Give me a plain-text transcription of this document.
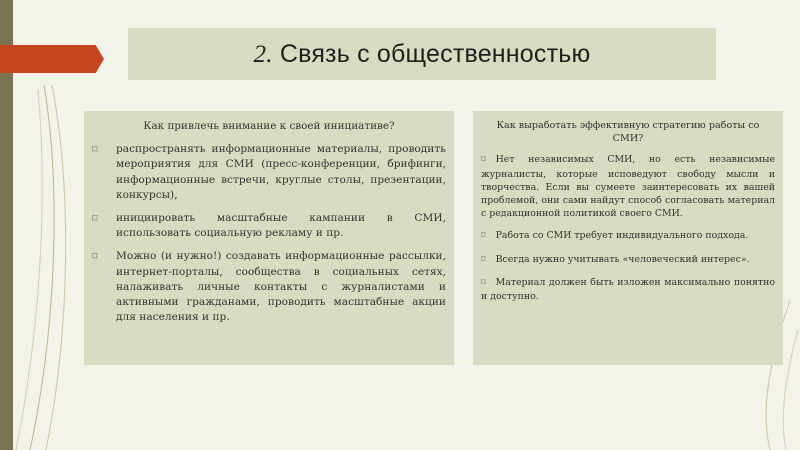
2. Связь с общественностью
Как привлечь внимание к своей инициативе?
⌑ распространять информационные материалы, проводить мероприятия для СМИ (пресс-конференции, брифинги, информационные встречи, круглые столы, презентации, конкурсы),
⌑ инициировать масштабные кампании в СМИ, использовать социальную рекламу и пр.
⌑ Можно (и нужно!) создавать информационные рассылки, интернет-порталы, сообщества в социальных сетях, налаживать личные контакты с журналистами и активными гражданами, проводить масштабные акции для населения и пр.
Как выработать эффективную стратегию работы со СМИ?
⌑ Нет независимых СМИ, но есть независимые журналисты, которые исповедуют свободу мысли и творчества. Если вы сумеете заинтересовать их вашей проблемой, они сами найдут способ согласовать материал с редакционной политикой своего СМИ.
⌑ Работа со СМИ требует индивидуального подхода.
⌑ Всегда нужно учитывать «человеческий интерес».
⌑ Материал должен быть изложен максимально понятно и доступно.
